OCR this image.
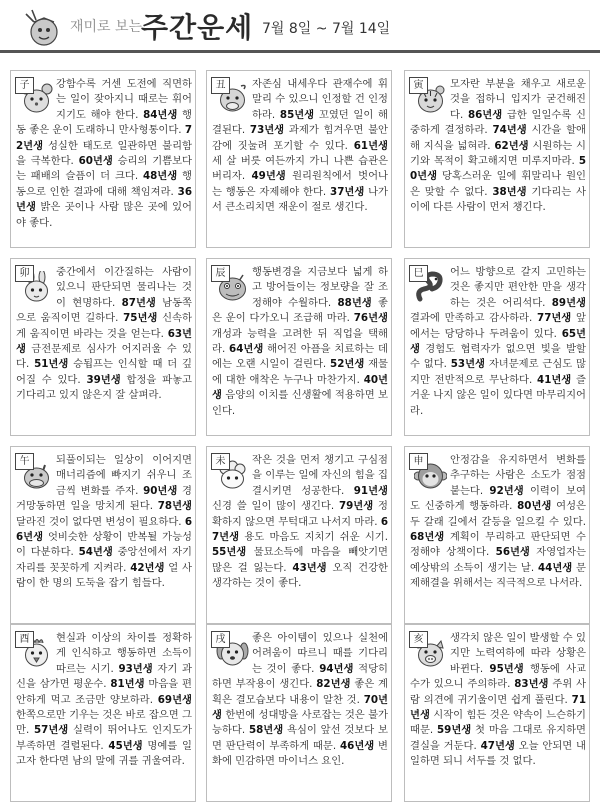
재미로 보는
주간운세 7월 8일 ~ 7월 14일
子	강함수록 거센 도전에 직면하는 일이 잦아지니 때로는 휘어지기도 해야 한다. 84년생 행동 좋은 운이 도래하니 만사형통이다. 72년생 성실한 태도로 일관하면 불리함을 극복한다. 60년생 승리의 기쁨보다는 패배의 슬픔이 더 크다. 48년생 행동으로 인한 결과에 대해 책임져라. 36년생 밝은 곳이나 사람 많은 곳에 있어야 좋다.
丑	자존심 내세우다 관재수에 휘말리 수 있으니 인정할 건 인정하라. 85년생 꼬였던 일이 해결된다. 73년생 과제가 힘겨우면 불안감에 짓눌려 포기할 수 있다. 61년생 세 살 버릇 여든까지 가니 나쁜 습관은 버리자. 49년생 원리원칙에서 벗어나는 행동은 자제해야 한다. 37년생 나가서 큰소리치면 재운이 절로 생긴다.
寅	모자란 부분을 채우고 새로운 것을 접하니 입지가 굳건해진다. 86년생 급한 일일수록 신중하게 결정하라. 74년생 시간을 할애해 지식을 넓혀라. 62년생 시원하는 시기와 목적이 확고해지면 미루지마라. 50년생 당혹스러운 일에 휘말리나 원인은 맞할 수 없다. 38년생 기다리는 사이에 다른 사람이 먼저 챙긴다.
卯	중간에서 이간질하는 사람이 있으니 판단되면 물리나는 것이 현명하다. 87년생 남동쪽으로 움직이면 길하다. 75년생 신속하게 움직이면 바라는 것을 얻는다. 63년생 금전문제로 심사가 어지러울 수 있다. 51년생 승됩프는 인식할 때 더 깊어질 수 있다. 39년생 합정을 파놓고 기다리고 있지 않은지 잘 살펴라.
辰	행동변경을 지금보다 넓게 하고 방어들이는 정보량을 잘 조정해야 수월하다. 88년생 좋은 운이 다가오니 조급해 마라. 76년생 개성과 능력을 고려한 뒤 직업을 택해라. 64년생 해어진 아픔을 치료하는 데에는 오랜 시일이 걸린다. 52년생 재물에 대한 애착은 누구나 마찬가지. 40년생 음양의 이치를 신생활에 적용하면 보인다.
巳	어느 방향으로 갈지 고민하는 것은 좋지만 편안한 만을 생각하는 것은 어리석다. 89년생 결과에 만족하고 감사하라. 77년생 앞에서는 당당하나 두려움이 있다. 65년생 경험도 협력자가 없으면 빛을 발할 수 없다. 53년생 자녀문제로 근심도 많지만 전반적으로 무난하다. 41년생 즐거운 나지 않은 일이 있다면 마무리지어라.
午	되풀이되는 일상이 이어지면 매너리즘에 빠지기 쉬우니 조금씩 변화를 주자. 90년생 경거망동하면 일을 망치게 된다. 78년생 달라진 것이 없다면 변성이 필요하다. 66년생 엇비슷한 상황이 반복될 가능성이 다분하다. 54년생 중앙선에서 자기자리를 꼿꼿하게 지켜라. 42년생 얼 사람이 한 명의 도둑을 잡기 힘들다.
未	작은 것을 먼저 챙기고 구심점을 이루는 일에 자신의 힘을 집결시키면 성공한다. 91년생 신경 쓸 일이 많이 생긴다. 79년생 정확하지 않으면 무턱대고 나서지 마라. 67년생 용도 마음도 지치기 쉬운 시기. 55년생 물묘소득에 마음을 빼앗기면 많은 걸 잃는다. 43년생 오직 건강한 생각하는 것이 좋다.
申	안정감을 유지하면서 변화를 추구하는 사람은 소도가 점점 붙는다. 92년생 이력이 보여도 신중하게 행동하라. 80년생 여성은 두 갈래 길에서 갈등을 일으킬 수 있다. 68년생 계획이 무리하고 판단되면 수정해야 상책이다. 56년생 자영업자는 예상밖의 소득이 생기는 날. 44년생 문제해결을 위해서는 직극적으로 나서라.
酉	현실과 이상의 차이를 정확하게 인식하고 행동하면 소득이 따르는 시기. 93년생 자기 과신을 삼가면 평운수. 81년생 마음을 편안하게 먹고 조금만 양보하라. 69년생 한쪽으로만 기우는 것은 바로 잡으면 그만. 57년생 실력이 뛰어나도 인지도가 부족하면 결렬된다. 45년생 명예를 일고자 한다면 남의 말에 귀를 귀울여라.
戌	좋은 아이템이 있으나 실천에 어려움이 따르니 때를 기다리는 것이 좋다. 94년생 적당히 하면 부작용이 생긴다. 82년생 좋은 계획은 결모습보다 내용이 알찬 것. 70년생 한번에 성대방을 사로잡는 것은 불가능하다. 58년생 욕심이 앞선 것보다 보면 판단력이 부족하게 때문. 46년생 변화에 민감하면 마이너스 요인.
亥	생각치 않은 일이 발생할 수 있지만 노력여하에 따라 상황은 바뀐다. 95년생 행동에 사교수가 있으니 주의하라. 83년생 주위 사람 의견에 귀기울이면 쉽게 풀린다. 71년생 시작이 힘든 것은 약속이 느슨하기 때문. 59년생 첫 마음 그대로 유지하면 결실을 거둔다. 47년생 오늘 안되면 내일하면 되니 서두를 것 없다.
